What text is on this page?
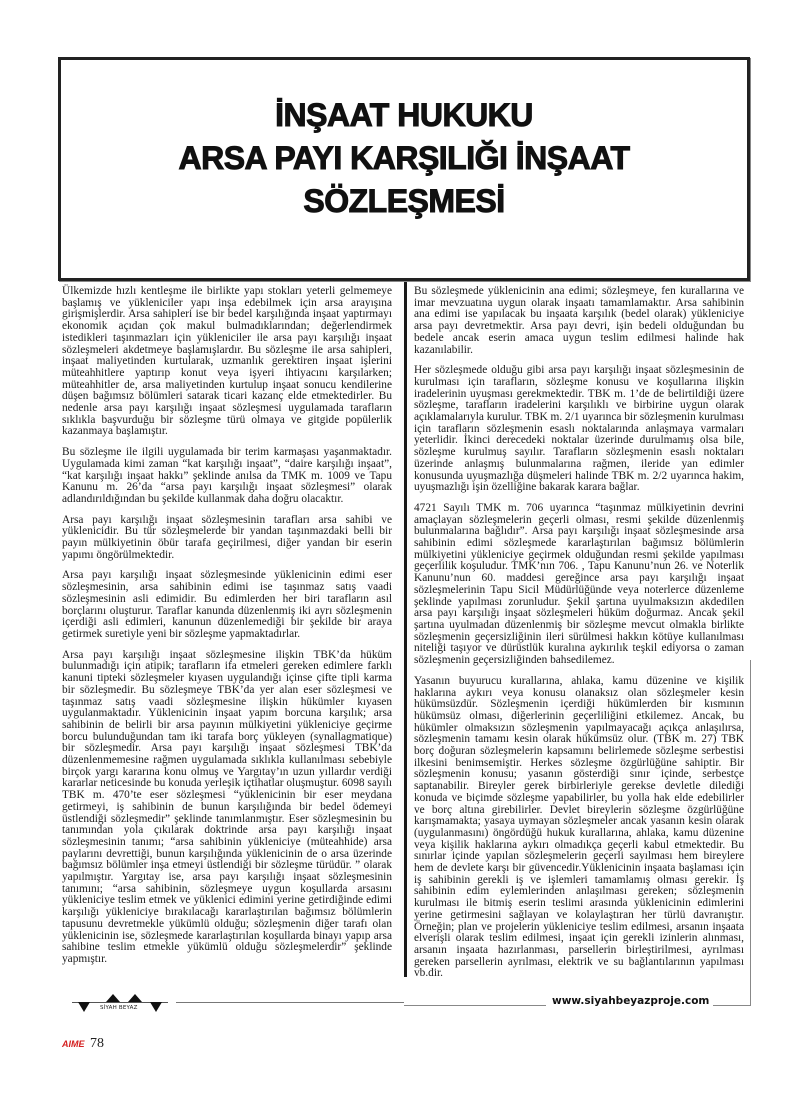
İNŞAAT HUKUKU
ARSA PAYI KARŞILIĞI İNŞAAT
SÖZLEŞMESİ

Ülkemizde hızlı kentleşme ile birlikte yapı stokları yeterli gelmemeye başlamış ve yükleniciler yapı inşa edebilmek için arsa arayışına girişmişlerdir. Arsa sahipleri ise bir bedel karşılığında inşaat yaptırmayı ekonomik açıdan çok makul bulmadıklarından; değerlendirmek istedikleri taşınmazları için yükleniciler ile arsa payı karşılığı inşaat sözleşmeleri akdetmeye başlamışlardır. Bu sözleşme ile arsa sahipleri, inşaat maliyetinden kurtularak, uzmanlık gerektiren inşaat işlerini müteahhitlere yaptırıp konut veya işyeri ihtiyacını karşılarken; müteahhitler de, arsa maliyetinden kurtulup inşaat sonucu kendilerine düşen bağımsız bölümleri satarak ticari kazanç elde etmektedirler. Bu nedenle arsa payı karşılığı inşaat sözleşmesi uygulamada tarafların sıklıkla başvurduğu bir sözleşme türü olmaya ve gitgide popülerlik kazanmaya başlamıştır.

Bu sözleşme ile ilgili uygulamada bir terim karmaşası yaşanmaktadır. Uygulamada kimi zaman “kat karşılığı inşaat”, “daire karşılığı inşaat”, “kat karşılığı inşaat hakkı” şeklinde anılsa da TMK m. 1009 ve Tapu Kanunu m. 26’da “arsa payı karşılığı inşaat sözleşmesi” olarak adlandırıldığından bu şekilde kullanmak daha doğru olacaktır.

Arsa payı karşılığı inşaat sözleşmesinin tarafları arsa sahibi ve yüklenicidir. Bu tür sözleşmelerde bir yandan taşınmazdaki belli bir payın mülkiyetinin öbür tarafa geçirilmesi, diğer yandan bir eserin yapımı öngörülmektedir.

Arsa payı karşılığı inşaat sözleşmesinde yüklenicinin edimi eser sözleşmesinin, arsa sahibinin edimi ise taşınmaz satış vaadi sözleşmesinin asli edimidir. Bu edimlerden her biri tarafların asıl borçlarını oluşturur. Taraflar kanunda düzenlenmiş iki ayrı sözleşmenin içerdiği asli edimleri, kanunun düzenlemediği bir şekilde bir araya getirmek suretiyle yeni bir sözleşme yapmaktadırlar.

Arsa payı karşılığı inşaat sözleşmesine ilişkin TBK’da hüküm bulunmadığı için atipik; tarafların ifa etmeleri gereken edimlere farklı kanuni tipteki sözleşmeler kıyasen uygulandığı içinse çifte tipli karma bir sözleşmedir. Bu sözleşmeye TBK’da yer alan eser sözleşmesi ve taşınmaz satış vaadi sözleşmesine ilişkin hükümler kıyasen uygulanmaktadır. Yüklenicinin inşaat yapım borcuna karşılık; arsa sahibinin de belirli bir arsa payının mülkiyetini yükleniciye geçirme borcu bulunduğundan tam iki tarafa borç yükleyen (synallagmatique) bir sözleşmedir. Arsa payı karşılığı inşaat sözleşmesi TBK’da düzenlenmemesine rağmen uygulamada sıklıkla kullanılması sebebiyle birçok yargı kararına konu olmuş ve Yargıtay’ın uzun yıllardır verdiği kararlar neticesinde bu konuda yerleşik içtihatlar oluşmuştur. 6098 sayılı TBK m. 470’te eser sözleşmesi “yüklenicinin bir eser meydana getirmeyi, iş sahibinin de bunun karşılığında bir bedel ödemeyi üstlendiği sözleşmedir” şeklinde tanımlanmıştır. Eser sözleşmesinin bu tanımından yola çıkılarak doktrinde arsa payı karşılığı inşaat sözleşmesinin tanımı; “arsa sahibinin yükleniciye (müteahhide) arsa paylarını devrettiği, bunun karşılığında yüklenicinin de o arsa üzerinde bağımsız bölümler inşa etmeyi üstlendiği bir sözleşme türüdür. ” olarak yapılmıştır. Yargıtay ise, arsa payı karşılığı inşaat sözleşmesinin tanımını; “arsa sahibinin, sözleşmeye uygun koşullarda arsasını yükleniciye teslim etmek ve yüklenici edimini yerine getirdiğinde edimi karşılığı yükleniciye bırakılacağı kararlaştırılan bağımsız bölümlerin tapusunu devretmekle yükümlü olduğu; sözleşmenin diğer tarafı olan yüklenicinin ise, sözleşmede kararlaştırılan koşullarda binayı yapıp arsa sahibine teslim etmekle yükümlü olduğu sözleşmelerdir” şeklinde yapmıştır.

Bu sözleşmede yüklenicinin ana edimi; sözleşmeye, fen kurallarına ve imar mevzuatına uygun olarak inşaatı tamamlamaktır. Arsa sahibinin ana edimi ise yapılacak bu inşaata karşılık (bedel olarak) yükleniciye arsa payı devretmektir. Arsa payı devri, işin bedeli olduğundan bu bedele ancak eserin amaca uygun teslim edilmesi halinde hak kazanılabilir.

Her sözleşmede olduğu gibi arsa payı karşılığı inşaat sözleşmesinin de kurulması için tarafların, sözleşme konusu ve koşullarına ilişkin iradelerinin uyuşması gerekmektedir. TBK m. 1’de de belirtildiği üzere sözleşme, tarafların iradelerini karşılıklı ve birbirine uygun olarak açıklamalarıyla kurulur. TBK m. 2/1 uyarınca bir sözleşmenin kurulması için tarafların sözleşmenin esaslı noktalarında anlaşmaya varmaları yeterlidir. İkinci derecedeki noktalar üzerinde durulmamış olsa bile, sözleşme kurulmuş sayılır. Tarafların sözleşmenin esaslı noktaları üzerinde anlaşmış bulunmalarına rağmen, ileride yan edimler konusunda uyuşmazlığa düşmeleri halinde TBK m. 2/2 uyarınca hakim, uyuşmazlığı işin özelliğine bakarak karara bağlar.

4721 Sayılı TMK m. 706 uyarınca “taşınmaz mülkiyetinin devrini amaçlayan sözleşmelerin geçerli olması, resmi şekilde düzenlenmiş bulunmalarına bağlıdır”. Arsa payı karşılığı inşaat sözleşmesinde arsa sahibinin edimi sözleşmede kararlaştırılan bağımsız bölümlerin mülkiyetini yükleniciye geçirmek olduğundan resmi şekilde yapılması geçerlilik koşuludur. TMK’nın 706. , Tapu Kanunu’nun 26. ve Noterlik Kanunu’nun 60. maddesi gereğince arsa payı karşılığı inşaat sözleşmelerinin Tapu Sicil Müdürlüğünde veya noterlerce düzenleme şeklinde yapılması zorunludur. Şekil şartına uyulmaksızın akdedilen arsa payı karşılığı inşaat sözleşmeleri hüküm doğurmaz. Ancak şekil şartına uyulmadan düzenlenmiş bir sözleşme mevcut olmakla birlikte sözleşmenin geçersizliğinin ileri sürülmesi hakkın kötüye kullanılması niteliği taşıyor ve dürüstlük kuralına aykırılık teşkil ediyorsa o zaman sözleşmenin geçersizliğinden bahsedilemez.

Yasanın buyurucu kurallarına, ahlaka, kamu düzenine ve kişilik haklarına aykırı veya konusu olanaksız olan sözleşmeler kesin hükümsüzdür. Sözleşmenin içerdiği hükümlerden bir kısmının hükümsüz olması, diğerlerinin geçerliliğini etkilemez. Ancak, bu hükümler olmaksızın sözleşmenin yapılmayacağı açıkça anlaşılırsa, sözleşmenin tamamı kesin olarak hükümsüz olur. (TBK m. 27) TBK borç doğuran sözleşmelerin kapsamını belirlemede sözleşme serbestisi ilkesini benimsemiştir. Herkes sözleşme özgürlüğüne sahiptir. Bir sözleşmenin konusu; yasanın gösterdiği sınır içinde, serbestçe saptanabilir. Bireyler gerek birbirleriyle gerekse devletle dilediği konuda ve biçimde sözleşme yapabilirler, bu yolla hak elde edebilirler ve borç altına girebilirler. Devlet bireylerin sözleşme özgürlüğüne karışmamakta; yasaya uymayan sözleşmeler ancak yasanın kesin olarak (uygulanmasını) öngördüğü hukuk kurallarına, ahlaka, kamu düzenine veya kişilik haklarına aykırı olmadıkça geçerli kabul etmektedir. Bu sınırlar içinde yapılan sözleşmelerin geçerli sayılması hem bireylere hem de devlete karşı bir güvencedir.Yüklenicinin inşaata başlaması için iş sahibinin gerekli iş ve işlemleri tamamlamış olması gerekir. İş sahibinin edim eylemlerinden anlaşılması gereken; sözleşmenin kurulması ile bitmiş eserin teslimi arasında yüklenicinin edimlerini yerine getirmesini sağlayan ve kolaylaştıran her türlü davranıştır. Örneğin; plan ve projelerin yükleniciye teslim edilmesi, arsanın inşaata elverişli olarak teslim edilmesi, inşaat için gerekli izinlerin alınması, arsanın inşaata hazırlanması, parsellerin birleştirilmesi, ayrılması gereken parsellerin ayrılması, elektrik ve su bağlantılarının yapılması vb.dir.

www.siyahbeyazproje.com
SİYAH BEYAZ
AIME 78
